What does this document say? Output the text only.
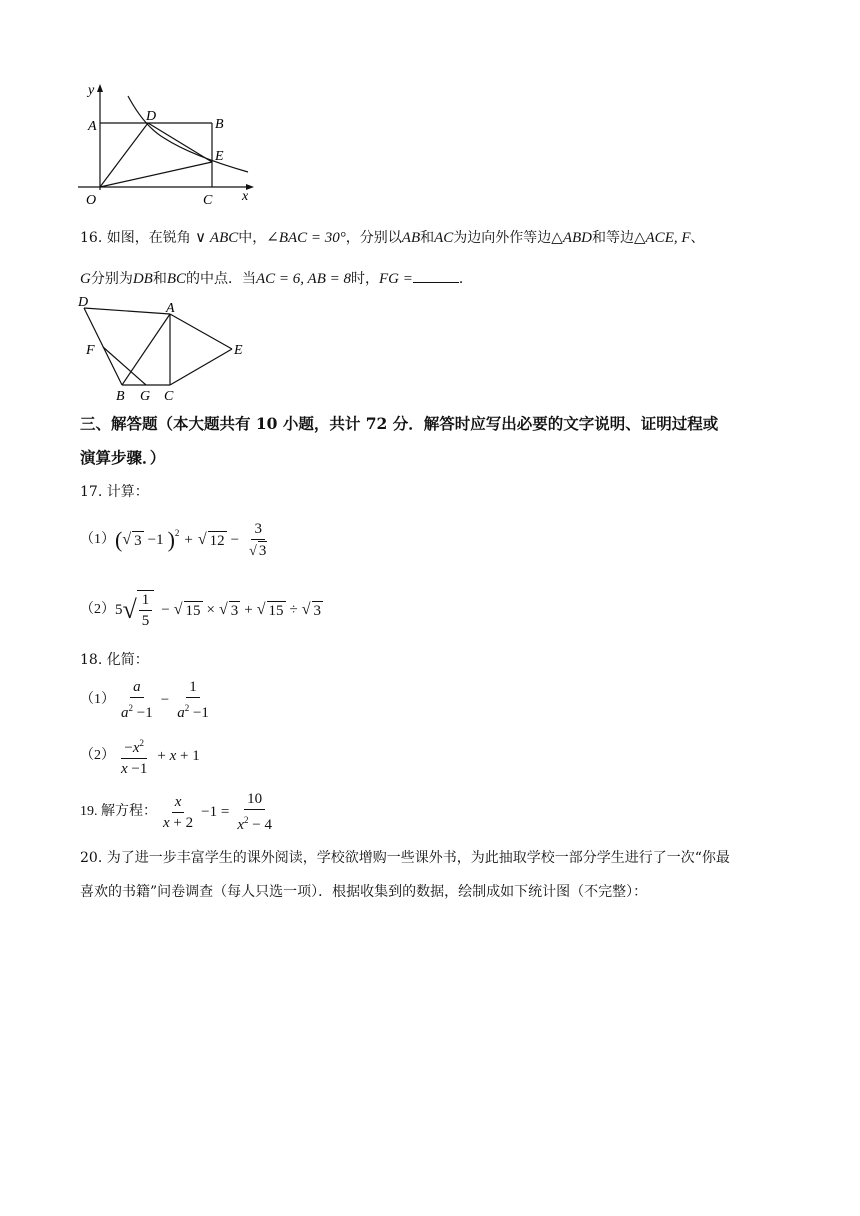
y
A
D
B
E
O	C x
16. 如图，在锐角 ∨ ABC中，∠BAC = 30°，分别以AB和AC为边向外作等边△ABD和等边△ACE, F、
G分别为DB和BC的中点．当AC = 6, AB = 8时，FG =	．
D	A
F	E
B G C
三、解答题（本大题共有 10 小题，共计 72 分．解答时应写出必要的文字说明、证明过程或
演算步骤．）
17. 计算：
（1） ( √ 3 −1 )$^2$ + √ $12 - \frac{3}{√ 3}$
（2） 5 √ $\frac{1}{5}$ − √ 15 × √ 3 + √ 15 ÷ √ 3
18. 化简：
$(1) \frac{a}{a^2 -1} - \frac{1}{a^2 -1}$
$(2) \frac{-x^2}{x -1} + x + 1$
19. 解方程： $\frac{x}{x + 2} -1 = \frac{10}{x^2 - 4}$
20. 为了进一步丰富学生的课外阅读，学校欲增购一些课外书，为此抽取学校一部分学生进行了一次“你最
喜欢的书籍”问卷调查（每人只选一项）．根据收集到的数据，绘制成如下统计图（不完整）：
